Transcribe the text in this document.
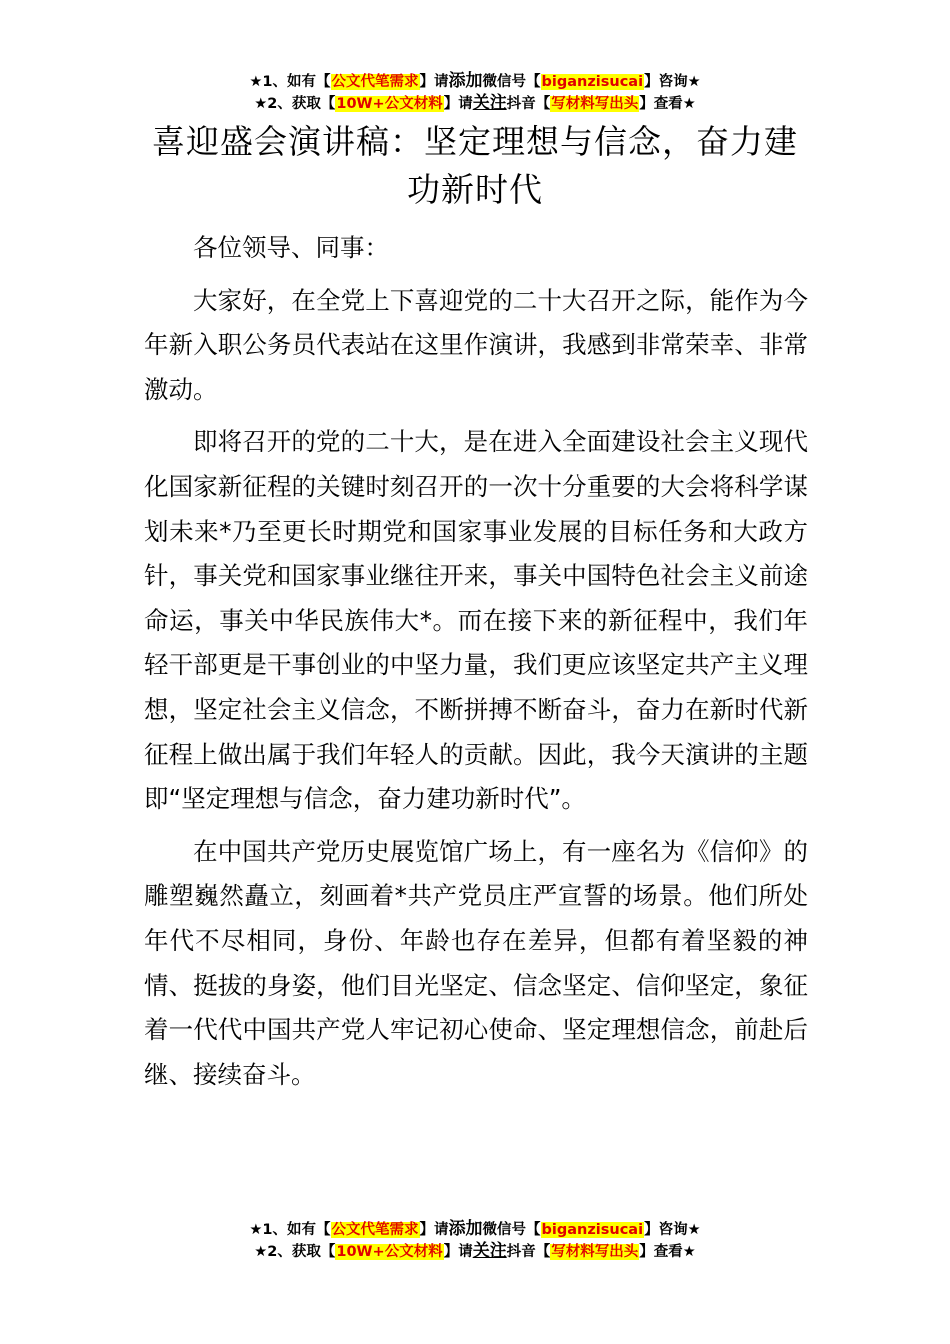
★1、如有【公文代笔需求】请添加微信号【biganzisucai】咨询★
★2、获取【10W+公文材料】请关注抖音【写材料写出头】查看★
喜迎盛会演讲稿：坚定理想与信念，奋力建
功新时代

各位领导、同事：

大家好，在全党上下喜迎党的二十大召开之际，能作为今年新入职公务员代表站在这里作演讲，我感到非常荣幸、非常激动。

即将召开的党的二十大，是在进入全面建设社会主义现代化国家新征程的关键时刻召开的一次十分重要的大会将科学谋划未来*乃至更长时期党和国家事业发展的目标任务和大政方针，事关党和国家事业继往开来，事关中国特色社会主义前途命运，事关中华民族伟大*。而在接下来的新征程中，我们年轻干部更是干事创业的中坚力量，我们更应该坚定共产主义理想，坚定社会主义信念，不断拼搏不断奋斗，奋力在新时代新征程上做出属于我们年轻人的贡献。因此，我今天演讲的主题即“坚定理想与信念，奋力建功新时代”。

在中国共产党历史展览馆广场上，有一座名为《信仰》的雕塑巍然矗立，刻画着*共产党员庄严宣誓的场景。他们所处年代不尽相同，身份、年龄也存在差异，但都有着坚毅的神情、挺拔的身姿，他们目光坚定、信念坚定、信仰坚定，象征着一代代中国共产党人牢记初心使命、坚定理想信念，前赴后继、接续奋斗。

★1、如有【公文代笔需求】请添加微信号【biganzisucai】咨询★
★2、获取【10W+公文材料】请关注抖音【写材料写出头】查看★
